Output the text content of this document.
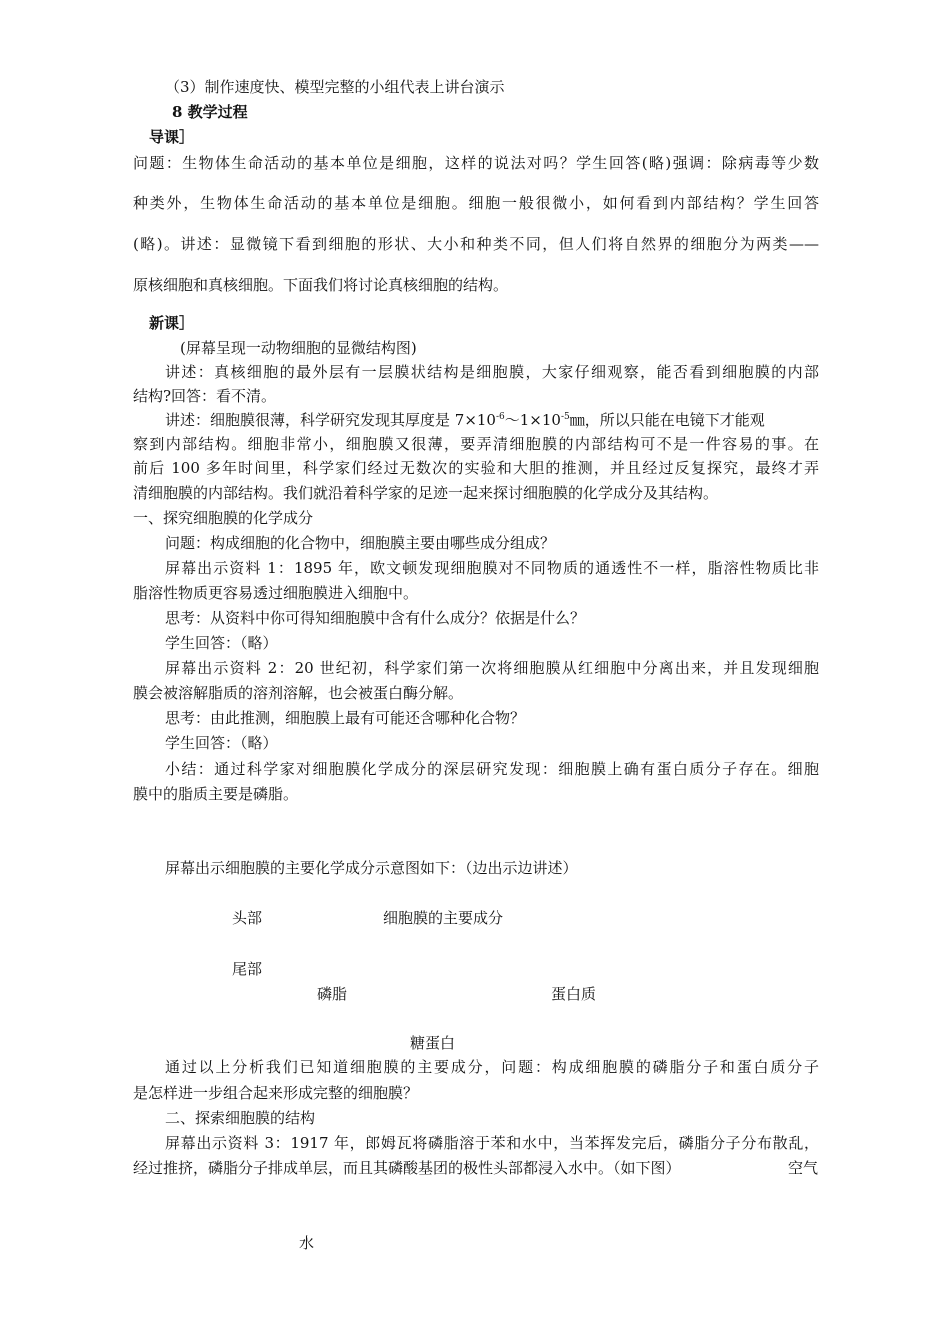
（3）制作速度快、模型完整的小组代表上讲台演示
8 教学过程
导课］
问题：生物体生命活动的基本单位是细胞，这样的说法对吗？学生回答(略)强调：除病毒等少数
种类外，生物体生命活动的基本单位是细胞。细胞一般很微小，如何看到内部结构？学生回答
(略)。讲述：显微镜下看到细胞的形状、大小和种类不同，但人们将自然界的细胞分为两类——
原核细胞和真核细胞。下面我们将讨论真核细胞的结构。
新课］
(屏幕呈现一动物细胞的显微结构图)
讲述：真核细胞的最外层有一层膜状结构是细胞膜，大家仔细观察，能否看到细胞膜的内部
结构?回答：看不清。
讲述：细胞膜很薄，科学研究发现其厚度是 $7\times 10^{-6}\sim 1\times 10^{-5}㎜$，所以只能在电镜下才能观
察到内部结构。细胞非常小，细胞膜又很薄，要弄清细胞膜的内部结构可不是一件容易的事。在
前后 100 多年时间里，科学家们经过无数次的实验和大胆的推测，并且经过反复探究，最终才弄
清细胞膜的内部结构。我们就沿着科学家的足迹一起来探讨细胞膜的化学成分及其结构。
一、探究细胞膜的化学成分
问题：构成细胞的化合物中，细胞膜主要由哪些成分组成？
屏幕出示资料 1：1895 年，欧文顿发现细胞膜对不同物质的通透性不一样，脂溶性物质比非
脂溶性物质更容易透过细胞膜进入细胞中。
思考：从资料中你可得知细胞膜中含有什么成分？依据是什么？
学生回答：（略）
屏幕出示资料 2：20 世纪初，科学家们第一次将细胞膜从红细胞中分离出来，并且发现细胞
膜会被溶解脂质的溶剂溶解，也会被蛋白酶分解。
思考：由此推测，细胞膜上最有可能还含哪种化合物？
学生回答：（略）
小结：通过科学家对细胞膜化学成分的深层研究发现：细胞膜上确有蛋白质分子存在。细胞
膜中的脂质主要是磷脂。
屏幕出示细胞膜的主要化学成分示意图如下：（边出示边讲述）
头部	细胞膜的主要成分
尾部
磷脂	蛋白质
糖蛋白
通过以上分析我们已知道细胞膜的主要成分，问题：构成细胞膜的磷脂分子和蛋白质分子
是怎样进一步组合起来形成完整的细胞膜？
二、探索细胞膜的结构
屏幕出示资料 3：1917 年，郎姆瓦将磷脂溶于苯和水中，当苯挥发完后，磷脂分子分布散乱，
经过推挤，磷脂分子排成单层，而且其磷酸基团的极性头部都浸入水中。（如下图）	空气
水
